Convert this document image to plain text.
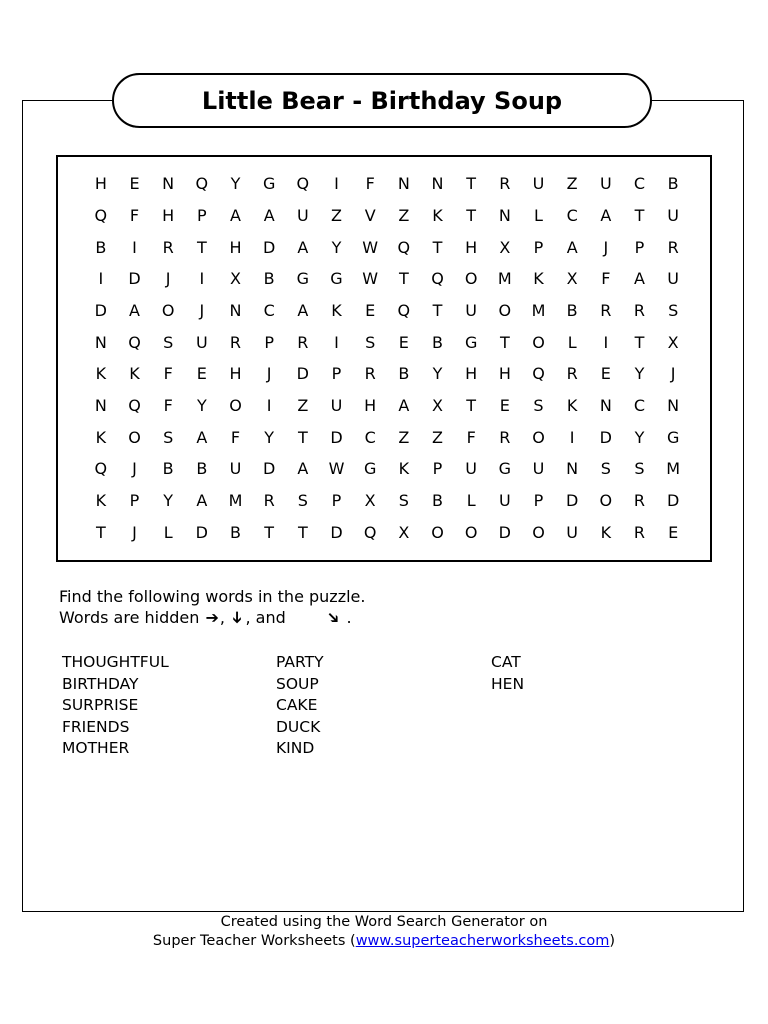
Little Bear - Birthday Soup
H	E	N	Q	Y	G	Q	I	F	N	N	T	R	U	Z	U	C	B
Q	F	H	P	A	A	U	Z	V	Z	K	T	N	L	C	A	T	U
B	I	R	T	H	D	A	Y	W	Q	T	H	X	P	A	J	P	R
I	D	J	I	X	B	G	G	W	T	Q	O	M	K	X	F	A	U
D	A	O	J	N	C	A	K	E	Q	T	U	O	M	B	R	R	S
N	Q	S	U	R	P	R	I	S	E	B	G	T	O	L	I	T	X
K	K	F	E	H	J	D	P	R	B	Y	H	H	Q	R	E	Y	J
N	Q	F	Y	O	I	Z	U	H	A	X	T	E	S	K	N	C	N
K	O	S	A	F	Y	T	D	C	Z	Z	F	R	O	I	D	Y	G
Q	J	B	B	U	D	A	W	G	K	P	U	G	U	N	S	S	M
K	P	Y	A	M	R	S	P	X	S	B	L	U	P	D	O	R	D
T	J	L	D	B	T	T	D	Q	X	O	O	D	O	U	K	R	E
Find the following words in the puzzle.
Words are hidden ➔, ➔, and ➔ .
THOUGHTFUL
BIRTHDAY
SURPRISE
FRIENDS
MOTHER
PARTY
SOUP
CAKE
DUCK
KIND
CAT
HEN
Created using the Word Search Generator on
Super Teacher Worksheets (www.superteacherworksheets.com)
